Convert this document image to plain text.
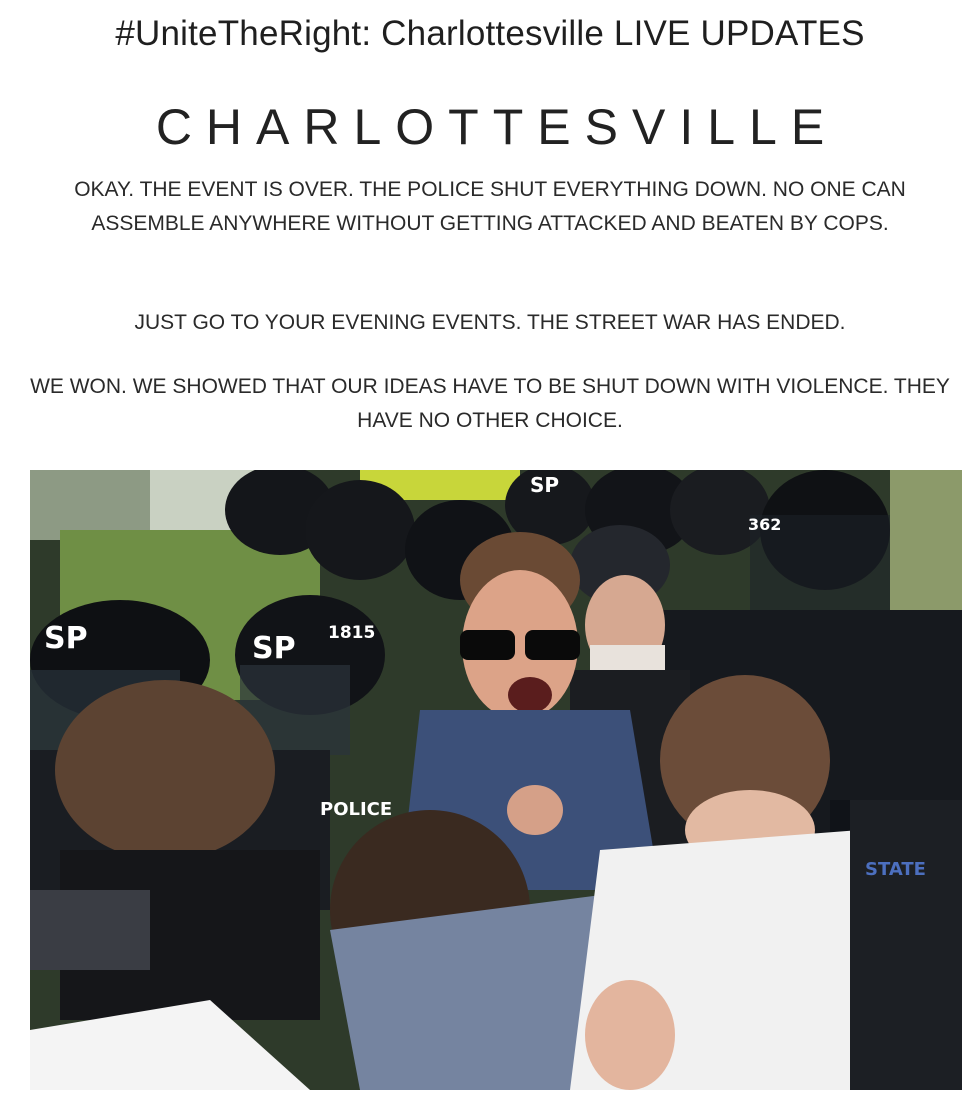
#UniteTheRight: Charlottesville LIVE UPDATES
CHARLOTTESVILLE

OKAY. THE EVENT IS OVER. THE POLICE SHUT EVERYTHING DOWN. NO ONE CAN ASSEMBLE ANYWHERE WITHOUT GETTING ATTACKED AND BEATEN BY COPS.

JUST GO TO YOUR EVENING EVENTS. THE STREET WAR HAS ENDED.

WE WON. WE SHOWED THAT OUR IDEAS HAVE TO BE SHUT DOWN WITH VIOLENCE. THEY HAVE NO OTHER CHOICE.

SP	SP 1815
SP
362
POLICE
STATE
